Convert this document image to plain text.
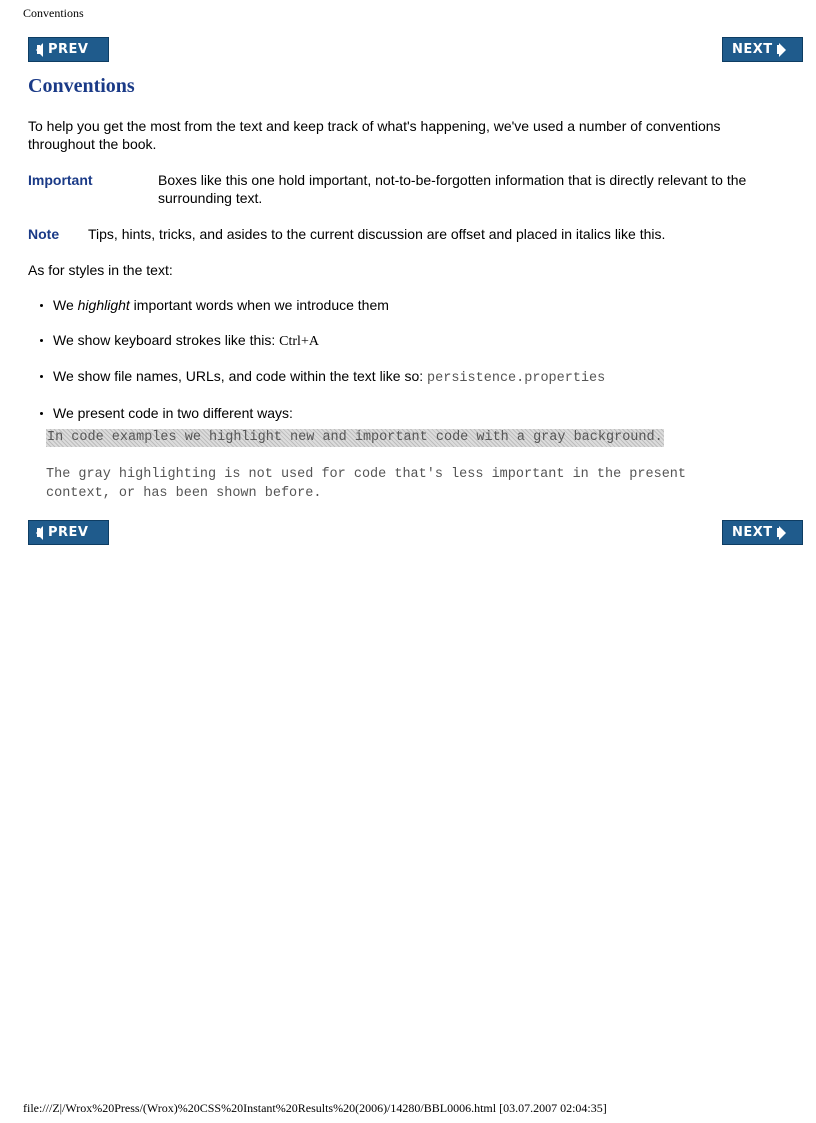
Conventions
PREV	NEXT
Conventions

To help you get the most from the text and keep track of what's happening, we've used a number of conventions throughout the book.

Important	Boxes like this one hold important, not-to-be-forgotten information that is directly relevant to the surrounding text.

Note Tips, hints, tricks, and asides to the current discussion are offset and placed in italics like this.

As for styles in the text:

We highlight important words when we introduce them
We show keyboard strokes like this: Ctrl+A
We show file names, URLs, and code within the text like so: persistence.properties
We present code in two different ways:
In code examples we highlight new and important code with a gray background.
The gray highlighting is not used for code that's less important in the present
context, or has been shown before.
PREV	NEXT
file:///Z|/Wrox%20Press/(Wrox)%20CSS%20Instant%20Results%20(2006)/14280/BBL0006.html [03.07.2007 02:04:35]
